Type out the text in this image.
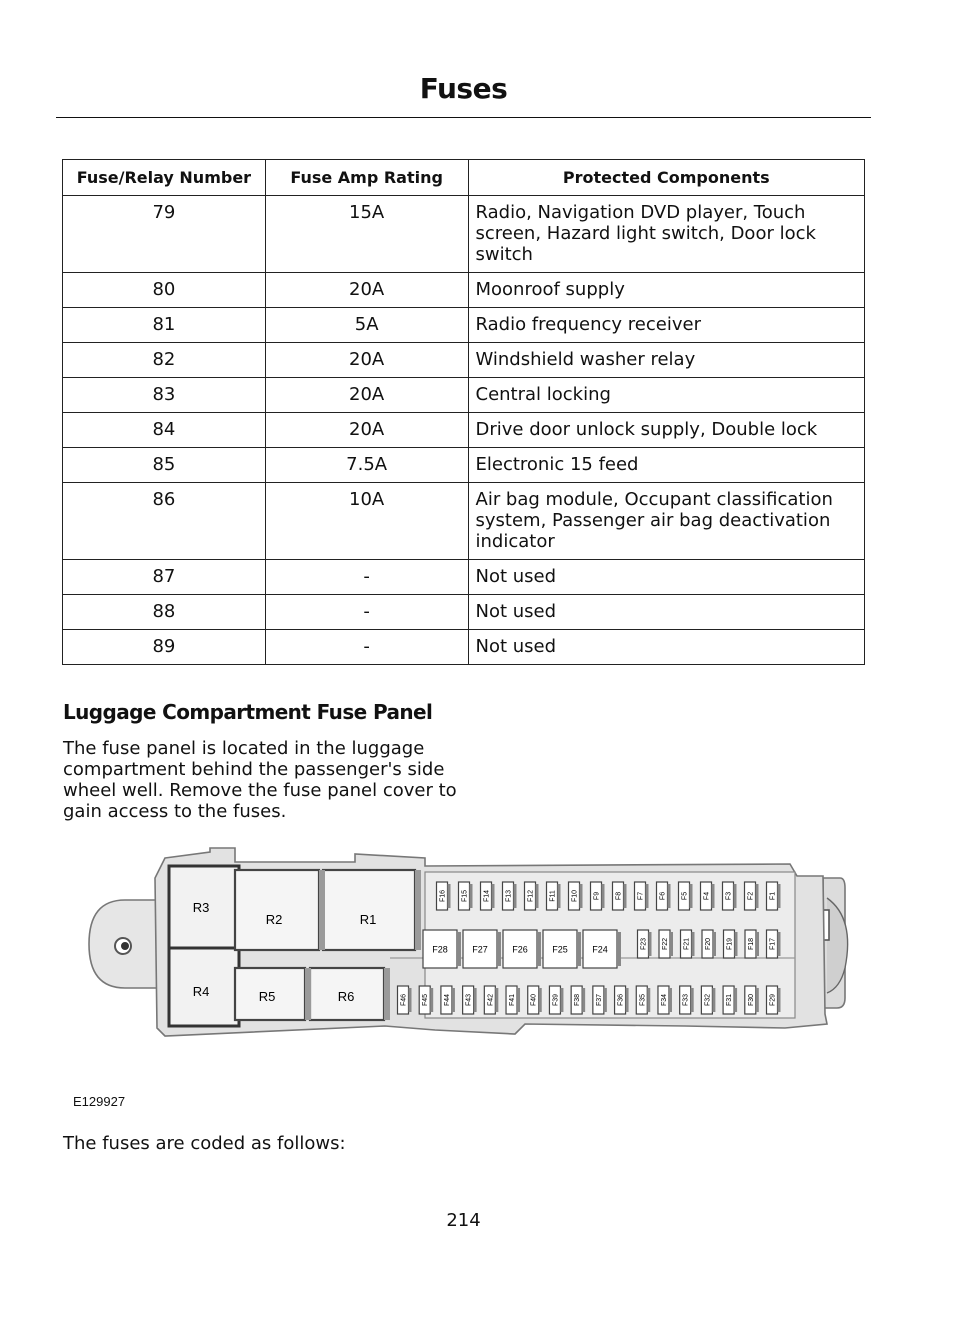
Fuses
Fuse/Relay Number	Fuse Amp Rating	Protected Components
79	15A	Radio, Navigation DVD player, Touch screen, Hazard light switch, Door lock switch
80	20A	Moonroof supply
81	5A	Radio frequency receiver
82	20A	Windshield washer relay
83	20A	Central locking
84	20A	Drive door unlock supply, Double lock
85	7.5A	Electronic 15 feed
86	10A	Air bag module, Occupant classification system, Passenger air bag deactivation indicator
87	-	Not used
88	-	Not used
89	-	Not used
Luggage Compartment Fuse Panel
The fuse panel is located in the luggage compartment behind the passenger's side wheel well. Remove the fuse panel cover to gain access to the fuses.
R3
R2	R1
R4	R5	R6
F16 F15 F14 F13 F12 F11 F10 F9 F8 F7 F6 F5 F4 F3 F2 F1
F28	F27	F26	F25	F24	F23 F22 F21 F20 F19 F18 F17
F46 F45 F44 F43 F42 F41 F40 F39 F38 F37 F36 F35 F34 F33 F32 F31 F30 F29
E129927
The fuses are coded as follows:
214
